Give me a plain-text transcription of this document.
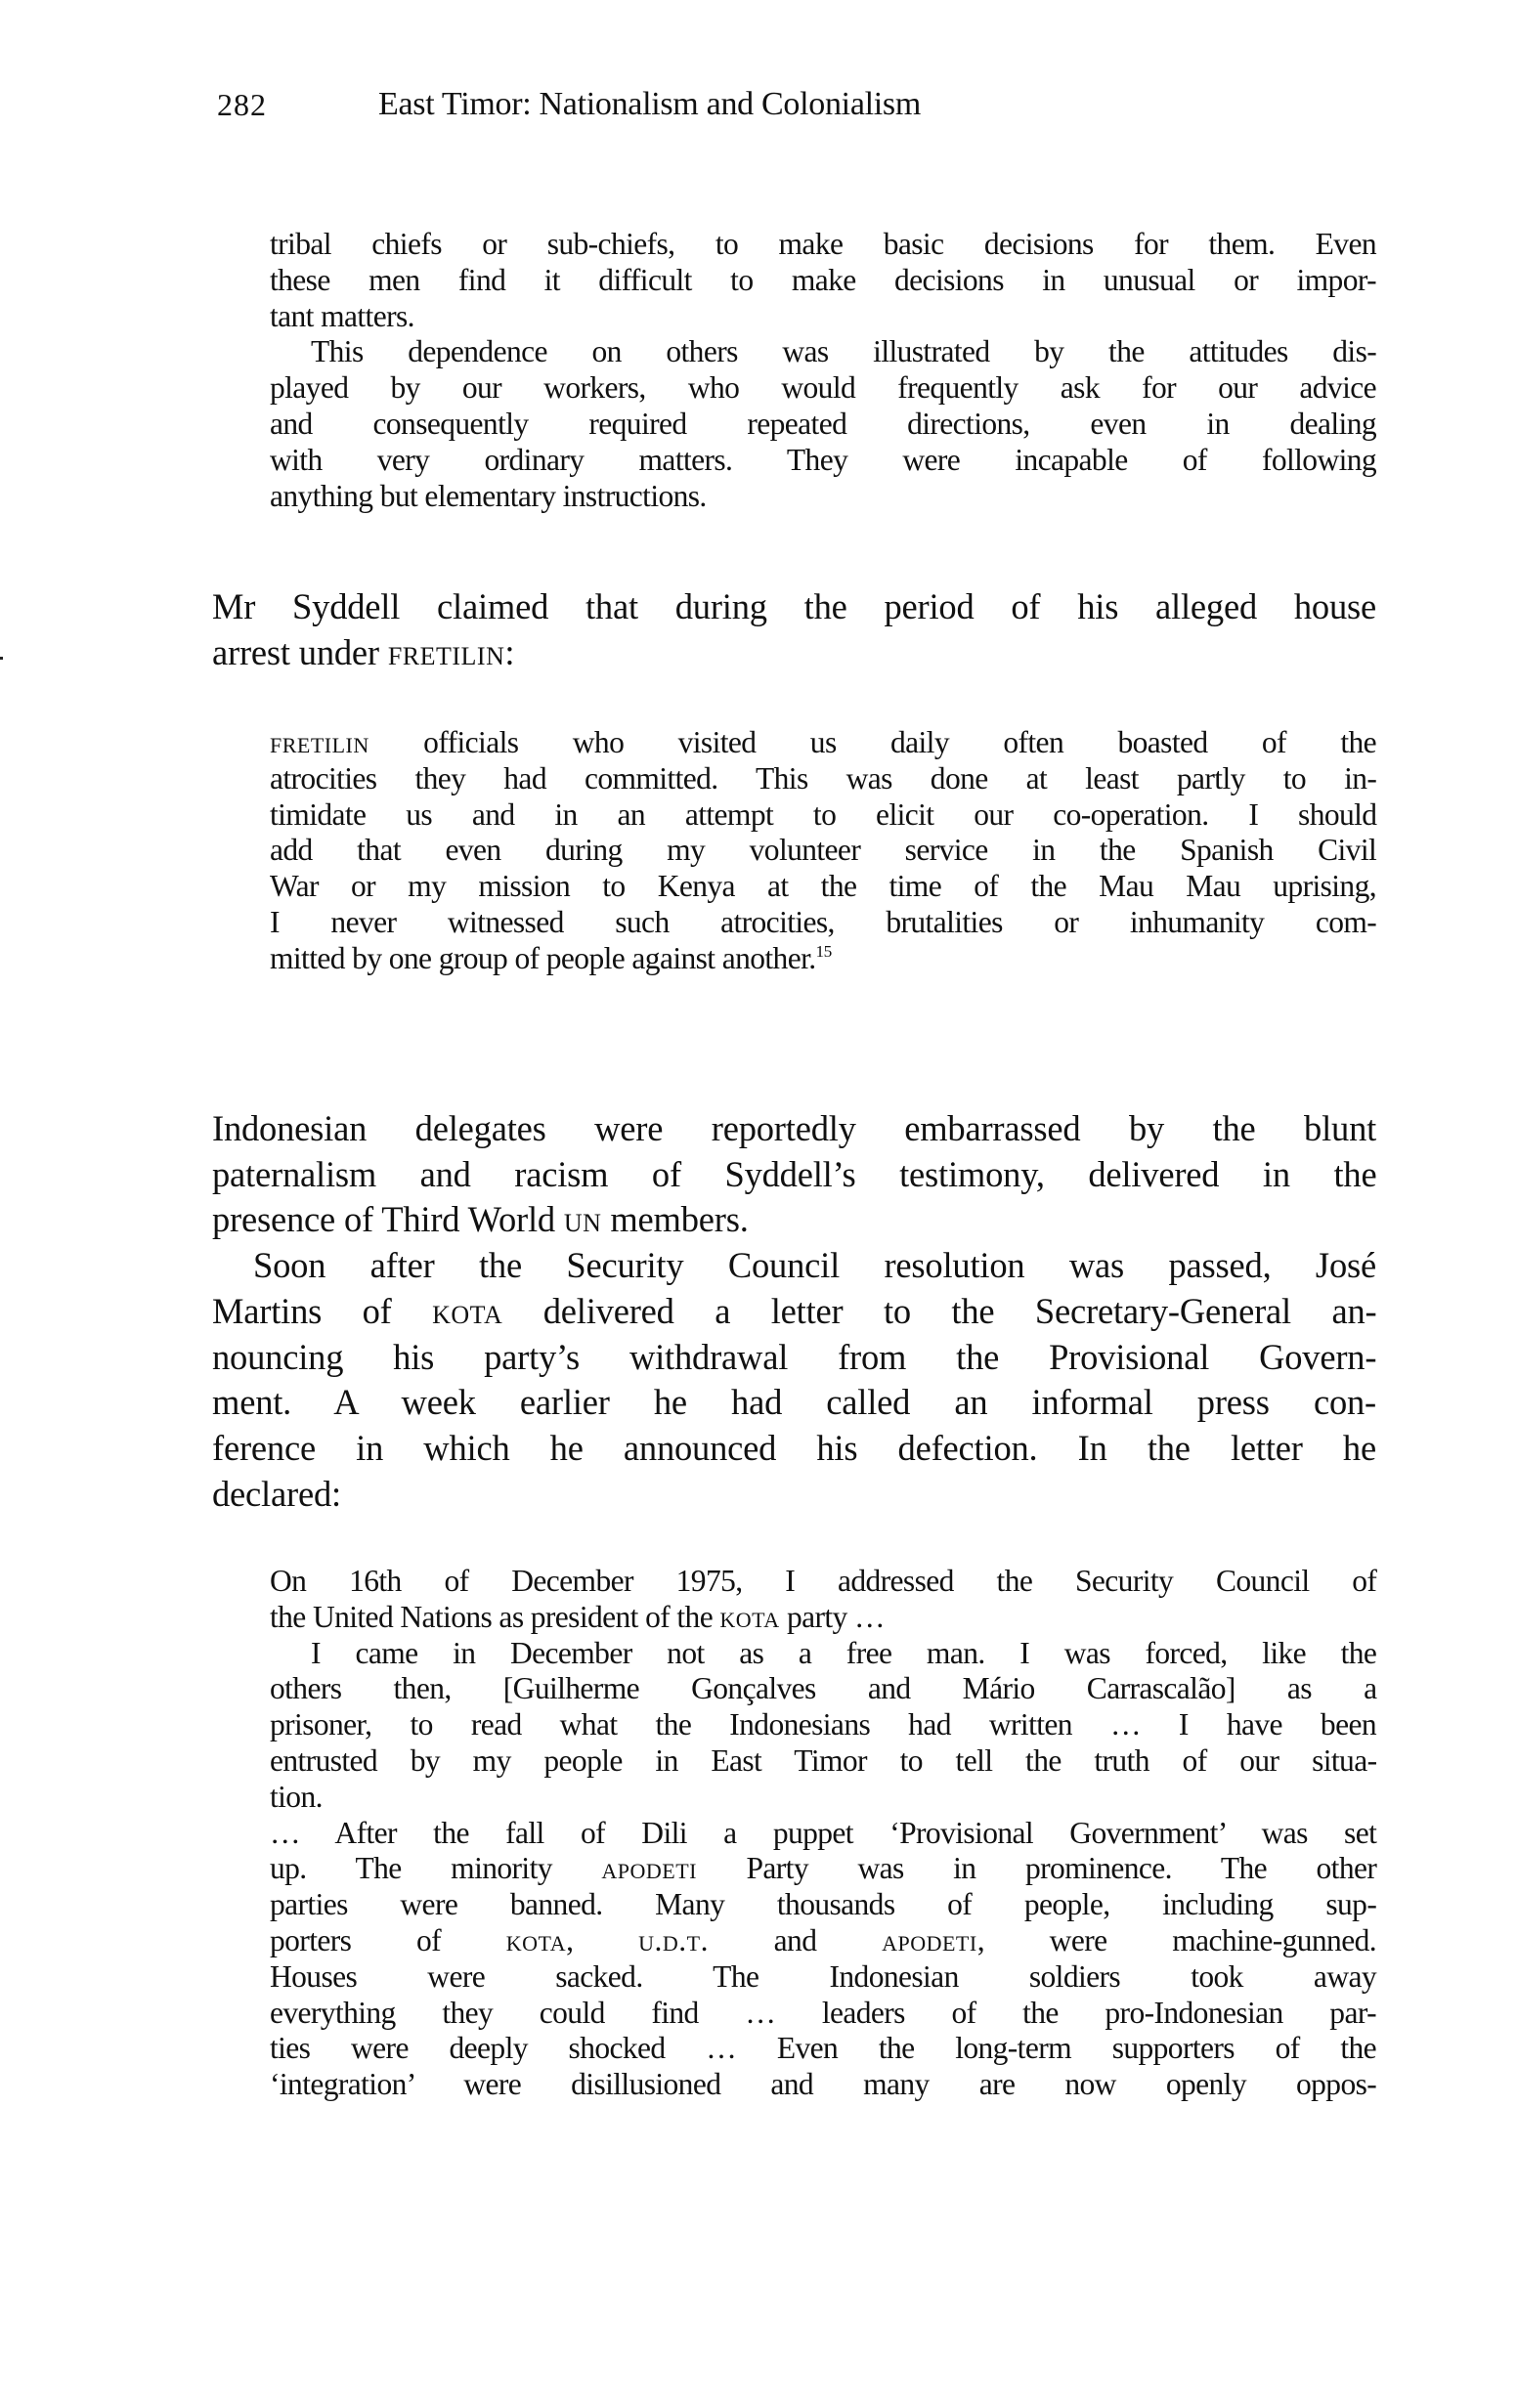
282	East Timor: Nationalism and Colonialism
tribal chiefs or sub-chiefs, to make basic decisions for them. Even
these men find it difficult to make decisions in unusual or impor-
tant matters.
This dependence on others was illustrated by the attitudes dis-
played by our workers, who would frequently ask for our advice
and consequently required repeated directions, even in dealing
with very ordinary matters. They were incapable of following
anything but elementary instructions.
Mr Syddell claimed that during the period of his alleged house
arrest under fretilin:
fretilin officials who visited us daily often boasted of the
atrocities they had committed. This was done at least partly to in-
timidate us and in an attempt to elicit our co-operation. I should
add that even during my volunteer service in the Spanish Civil
War or my mission to Kenya at the time of the Mau Mau uprising,
I never witnessed such atrocities, brutalities or inhumanity com-
mitted by one group of people against another.$^{15}$
Indonesian delegates were reportedly embarrassed by the blunt
paternalism and racism of Syddell’s testimony, delivered in the
presence of Third World un members.
Soon after the Security Council resolution was passed, José
Martins of kota delivered a letter to the Secretary-General an-
nouncing his party’s withdrawal from the Provisional Govern-
ment. A week earlier he had called an informal press con-
ference in which he announced his defection. In the letter he
declared:
On 16th of December 1975, I addressed the Security Council of
the United Nations as president of the kota party …
I came in December not as a free man. I was forced, like the
others then, [Guilherme Gonçalves and Mário Carrascalão] as a
prisoner, to read what the Indonesians had written … I have been
entrusted by my people in East Timor to tell the truth of our situa-
tion.
… After the fall of Dili a puppet ‘Provisional Government’ was set
up. The minority apodeti Party was in prominence. The other
parties were banned. Many thousands of people, including sup-
porters of kota, u.d.t. and apodeti, were machine-gunned.
Houses were sacked. The Indonesian soldiers took away
everything they could find … leaders of the pro-Indonesian par-
ties were deeply shocked … Even the long-term supporters of the
‘integration’ were disillusioned and many are now openly oppos-
